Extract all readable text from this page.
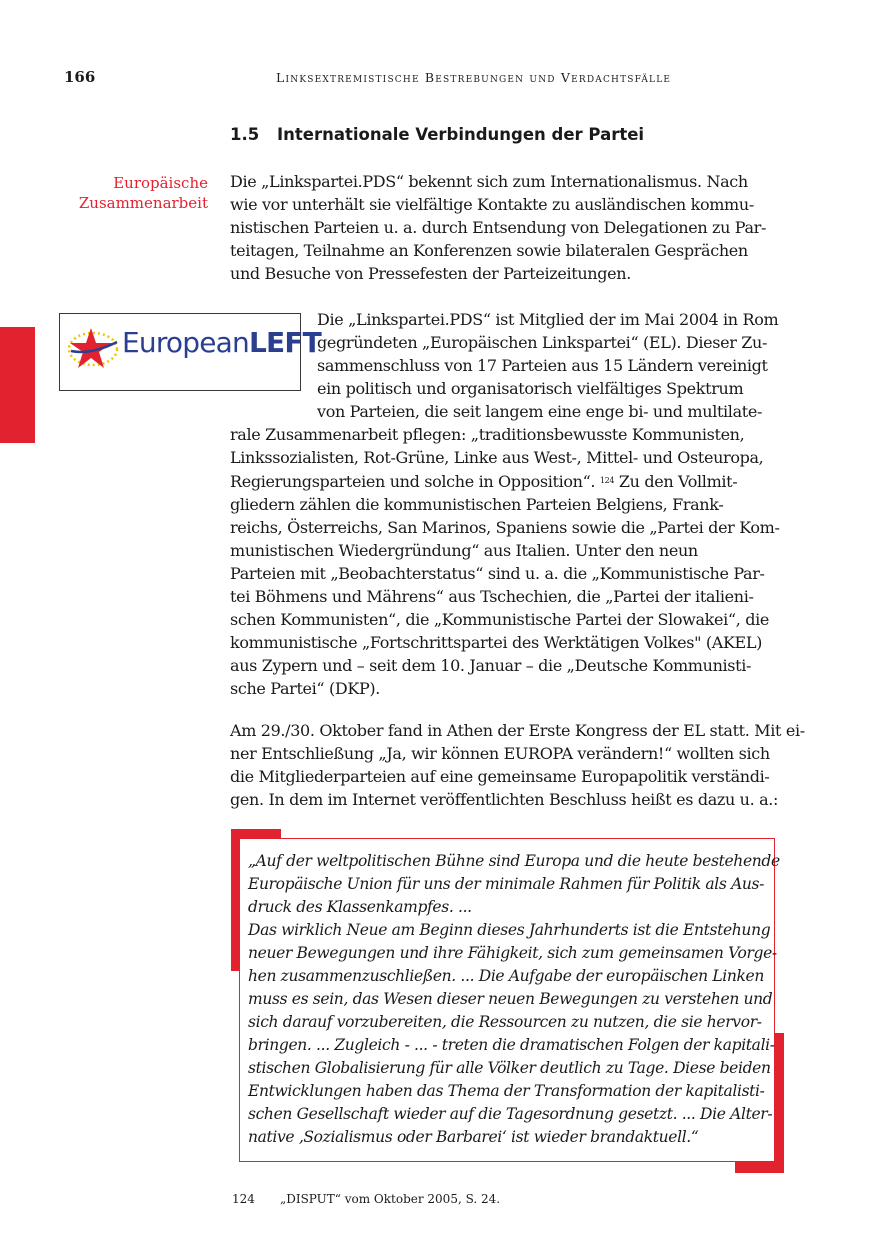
166	Linksextremistische Bestrebungen und Verdachtsfälle
1.5 Internationale Verbindungen der Partei
Europäische
Zusammenarbeit
Die „Linkspartei.PDS“ bekennt sich zum Internationalismus. Nach
wie vor unterhält sie vielfältige Kontakte zu ausländischen kommu-
nistischen Parteien u. a. durch Entsendung von Delegationen zu Par-
teitagen, Teilnahme an Konferenzen sowie bilateralen Gesprächen
und Besuche von Pressefesten der Parteizeitungen.
EuropeanLEFT
Die „Linkspartei.PDS“ ist Mitglied der im Mai 2004 in Rom
gegründeten „Europäischen Linkspartei“ (EL). Dieser Zu-
sammenschluss von 17 Parteien aus 15 Ländern vereinigt
ein politisch und organisatorisch vielfältiges Spektrum
von Parteien, die seit langem eine enge bi- und multilate-
rale Zusammenarbeit pflegen: „traditionsbewusste Kommunisten,
Linkssozialisten, Rot-Grüne, Linke aus West-, Mittel- und Osteuropa,
Regierungsparteien und solche in Opposition“. $^{124}$ Zu den Vollmit-
gliedern zählen die kommunistischen Parteien Belgiens, Frank-
reichs, Österreichs, San Marinos, Spaniens sowie die „Partei der Kom-
munistischen Wiedergründung“ aus Italien. Unter den neun
Parteien mit „Beobachterstatus“ sind u. a. die „Kommunistische Par-
tei Böhmens und Mährens“ aus Tschechien, die „Partei der italieni-
schen Kommunisten“, die „Kommunistische Partei der Slowakei“, die
kommunistische „Fortschrittspartei des Werktätigen Volkes" (AKEL)
aus Zypern und – seit dem 10. Januar – die „Deutsche Kommunisti-
sche Partei“ (DKP).
Am 29./30. Oktober fand in Athen der Erste Kongress der EL statt. Mit ei-
ner Entschließung „Ja, wir können EUROPA verändern!“ wollten sich
die Mitgliederparteien auf eine gemeinsame Europapolitik verständi-
gen. In dem im Internet veröffentlichten Beschluss heißt es dazu u. a.:
„Auf der weltpolitischen Bühne sind Europa und die heute bestehende
Europäische Union für uns der minimale Rahmen für Politik als Aus-
druck des Klassenkampfes. ...
Das wirklich Neue am Beginn dieses Jahrhunderts ist die Entstehung
neuer Bewegungen und ihre Fähigkeit, sich zum gemeinsamen Vorge-
hen zusammenzuschließen. ... Die Aufgabe der europäischen Linken
muss es sein, das Wesen dieser neuen Bewegungen zu verstehen und
sich darauf vorzubereiten, die Ressourcen zu nutzen, die sie hervor-
bringen. ... Zugleich - ... - treten die dramatischen Folgen der kapitali-
stischen Globalisierung für alle Völker deutlich zu Tage. Diese beiden
Entwicklungen haben das Thema der Transformation der kapitalisti-
schen Gesellschaft wieder auf die Tagesordnung gesetzt. ... Die Alter-
native ‚Sozialismus oder Barbarei‘ ist wieder brandaktuell.“
124 „DISPUT“ vom Oktober 2005, S. 24.
